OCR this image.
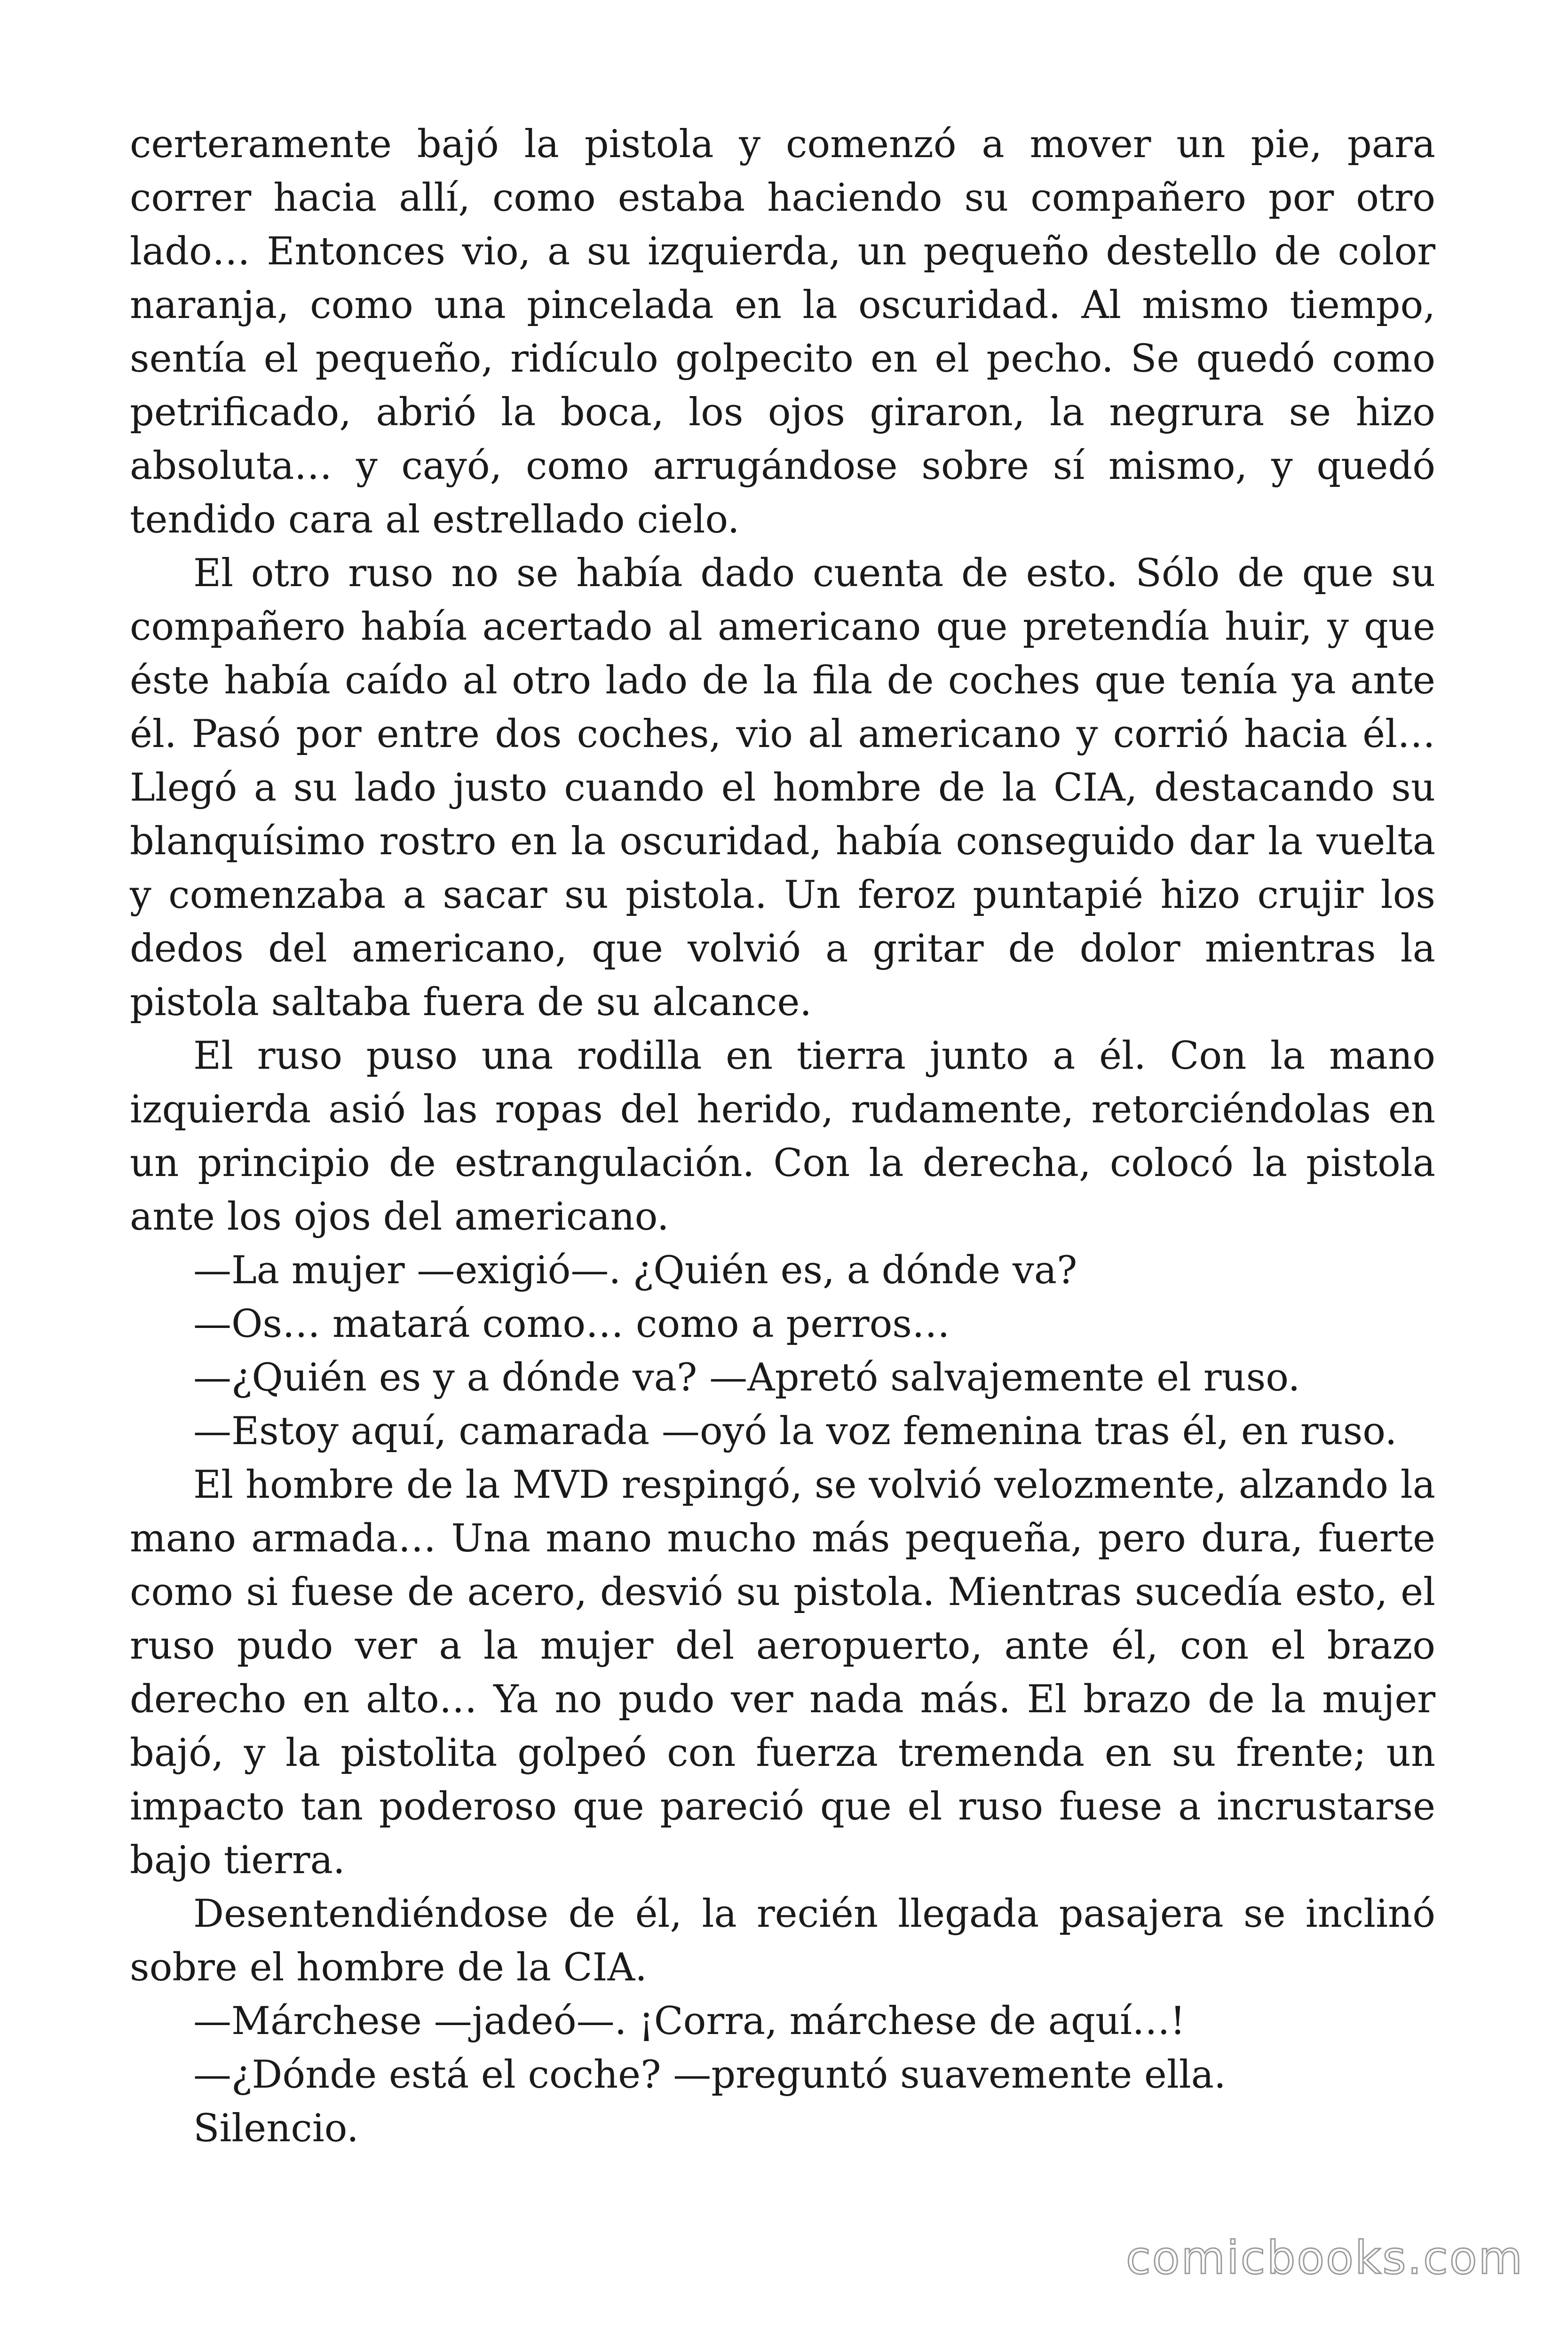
certeramente bajó la pistola y comenzó a mover un pie, para correr hacia allí, como estaba haciendo su compañero por otro lado… Entonces vio, a su izquierda, un pequeño destello de color naranja, como una pincelada en la oscuridad. Al mismo tiempo, sentía el pequeño, ridículo golpecito en el pecho. Se quedó como petrificado, abrió la boca, los ojos giraron, la negrura se hizo absoluta… y cayó, como arrugándose sobre sí mismo, y quedó tendido cara al estrellado cielo.

El otro ruso no se había dado cuenta de esto. Sólo de que su compañero había acertado al americano que pretendía huir, y que éste había caído al otro lado de la fila de coches que tenía ya ante él. Pasó por entre dos coches, vio al americano y corrió hacia él… Llegó a su lado justo cuando el hombre de la CIA, destacando su blanquísimo rostro en la oscuridad, había conseguido dar la vuelta y comenzaba a sacar su pistola. Un feroz puntapié hizo crujir los dedos del americano, que volvió a gritar de dolor mientras la pistola saltaba fuera de su alcance.

El ruso puso una rodilla en tierra junto a él. Con la mano izquierda asió las ropas del herido, rudamente, retorciéndolas en un principio de estrangulación. Con la derecha, colocó la pistola ante los ojos del americano.

—La mujer —exigió—. ¿Quién es, a dónde va?

—Os… matará como… como a perros…

—¿Quién es y a dónde va? —Apretó salvajemente el ruso.

—Estoy aquí, camarada —oyó la voz femenina tras él, en ruso.

El hombre de la MVD respingó, se volvió velozmente, alzando la mano armada… Una mano mucho más pequeña, pero dura, fuerte como si fuese de acero, desvió su pistola. Mientras sucedía esto, el ruso pudo ver a la mujer del aeropuerto, ante él, con el brazo derecho en alto… Ya no pudo ver nada más. El brazo de la mujer bajó, y la pistolita golpeó con fuerza tremenda en su frente; un impacto tan poderoso que pareció que el ruso fuese a incrustarse bajo tierra.

Desentendiéndose de él, la recién llegada pasajera se inclinó sobre el hombre de la CIA.

—Márchese —jadeó—. ¡Corra, márchese de aquí…!

—¿Dónde está el coche? —preguntó suavemente ella.

Silencio.

comicbooks.com
